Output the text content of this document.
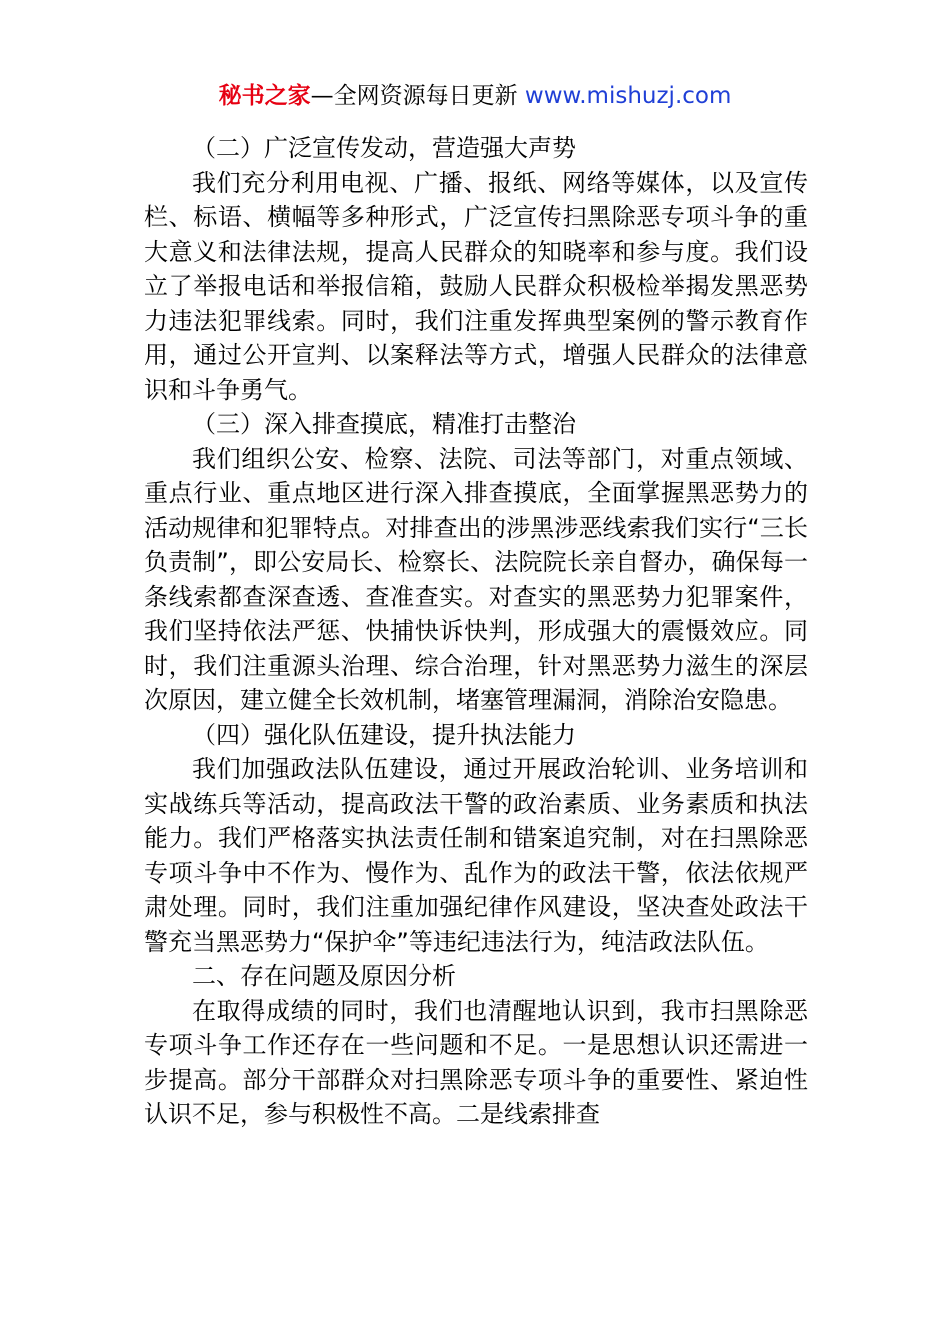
秘书之家—全网资源每日更新 www.mishuzj.com

（二）广泛宣传发动，营造强大声势

我们充分利用电视、广播、报纸、网络等媒体，以及宣传栏、标语、横幅等多种形式，广泛宣传扫黑除恶专项斗争的重大意义和法律法规，提高人民群众的知晓率和参与度。我们设立了举报电话和举报信箱，鼓励人民群众积极检举揭发黑恶势力违法犯罪线索。同时，我们注重发挥典型案例的警示教育作用，通过公开宣判、以案释法等方式，增强人民群众的法律意识和斗争勇气。

（三）深入排查摸底，精准打击整治

我们组织公安、检察、法院、司法等部门，对重点领域、重点行业、重点地区进行深入排查摸底，全面掌握黑恶势力的活动规律和犯罪特点。对排查出的涉黑涉恶线索我们实行“三长负责制”，即公安局长、检察长、法院院长亲自督办，确保每一条线索都查深查透、查准查实。对查实的黑恶势力犯罪案件，我们坚持依法严惩、快捕快诉快判，形成强大的震慑效应。同时，我们注重源头治理、综合治理，针对黑恶势力滋生的深层次原因，建立健全长效机制，堵塞管理漏洞，消除治安隐患。

（四）强化队伍建设，提升执法能力

我们加强政法队伍建设，通过开展政治轮训、业务培训和实战练兵等活动，提高政法干警的政治素质、业务素质和执法能力。我们严格落实执法责任制和错案追究制，对在扫黑除恶专项斗争中不作为、慢作为、乱作为的政法干警，依法依规严肃处理。同时，我们注重加强纪律作风建设，坚决查处政法干警充当黑恶势力“保护伞”等违纪违法行为，纯洁政法队伍。

二、存在问题及原因分析

在取得成绩的同时，我们也清醒地认识到，我市扫黑除恶专项斗争工作还存在一些问题和不足。一是思想认识还需进一步提高。部分干部群众对扫黑除恶专项斗争的重要性、紧迫性认识不足，参与积极性不高。二是线索排查
